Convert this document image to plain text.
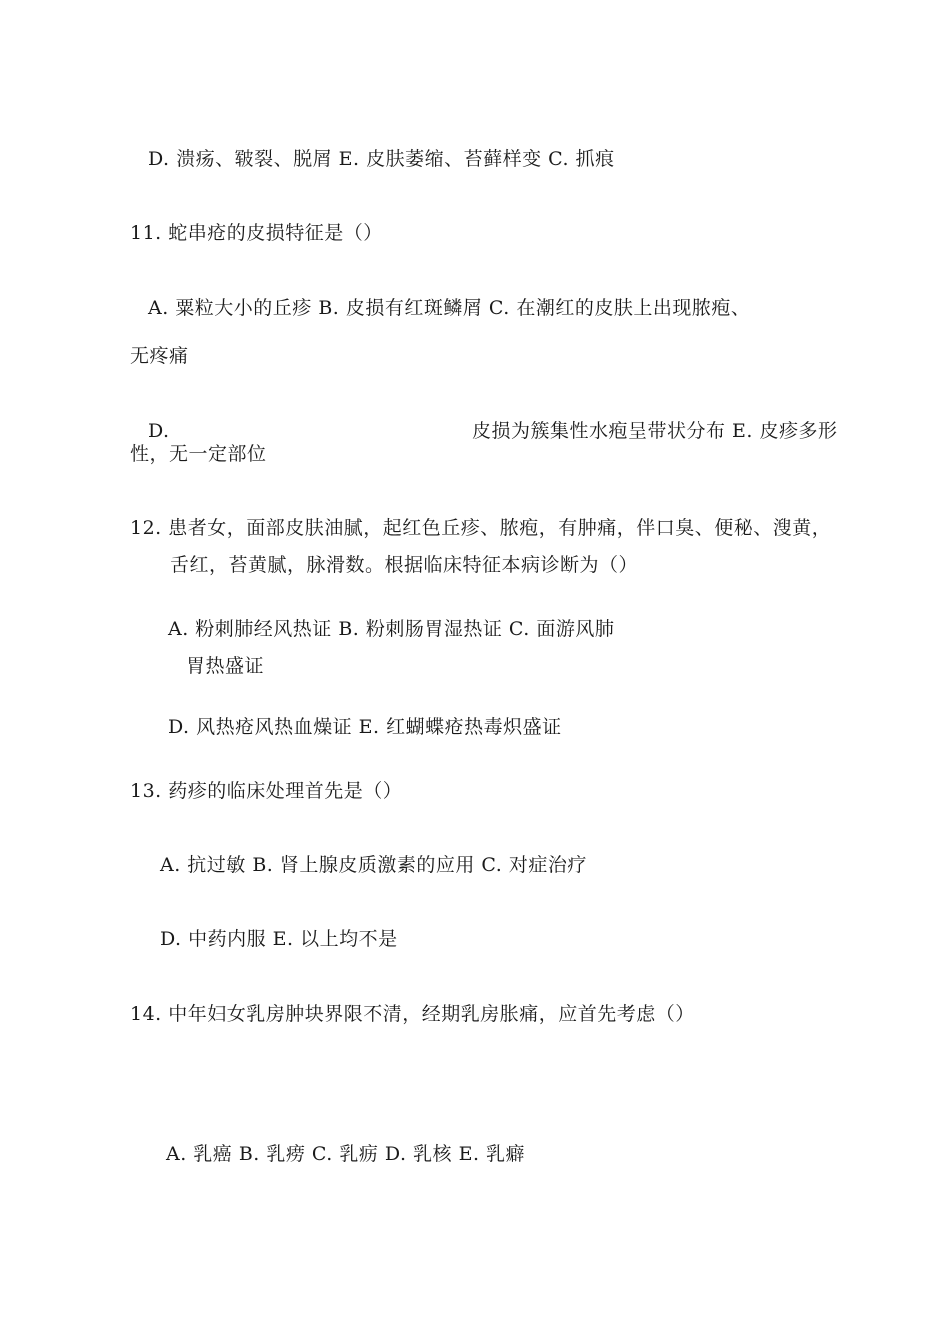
D. 溃疡、皲裂、脱屑 E. 皮肤萎缩、苔藓样变 C. 抓痕
11. 蛇串疮的皮损特征是（）
A. 粟粒大小的丘疹 B. 皮损有红斑鳞屑 C. 在潮红的皮肤上出现脓疱、
无疼痛
D.	皮损为簇集性水疱呈带状分布 E. 皮疹多形
性，无一定部位
12. 患者女，面部皮肤油腻，起红色丘疹、脓疱，有肿痛，伴口臭、便秘、溲黄，
舌红，苔黄腻，脉滑数。根据临床特征本病诊断为（）
A. 粉刺肺经风热证 B. 粉刺肠胃湿热证 C. 面游风肺
胃热盛证
D. 风热疮风热血燥证 E. 红蝴蝶疮热毒炽盛证
13. 药疹的临床处理首先是（）
A. 抗过敏 B. 肾上腺皮质激素的应用 C. 对症治疗
D. 中药内服 E. 以上均不是
14. 中年妇女乳房肿块界限不清，经期乳房胀痛，应首先考虑（）
A. 乳癌 B. 乳痨 C. 乳疬 D. 乳核 E. 乳癖
